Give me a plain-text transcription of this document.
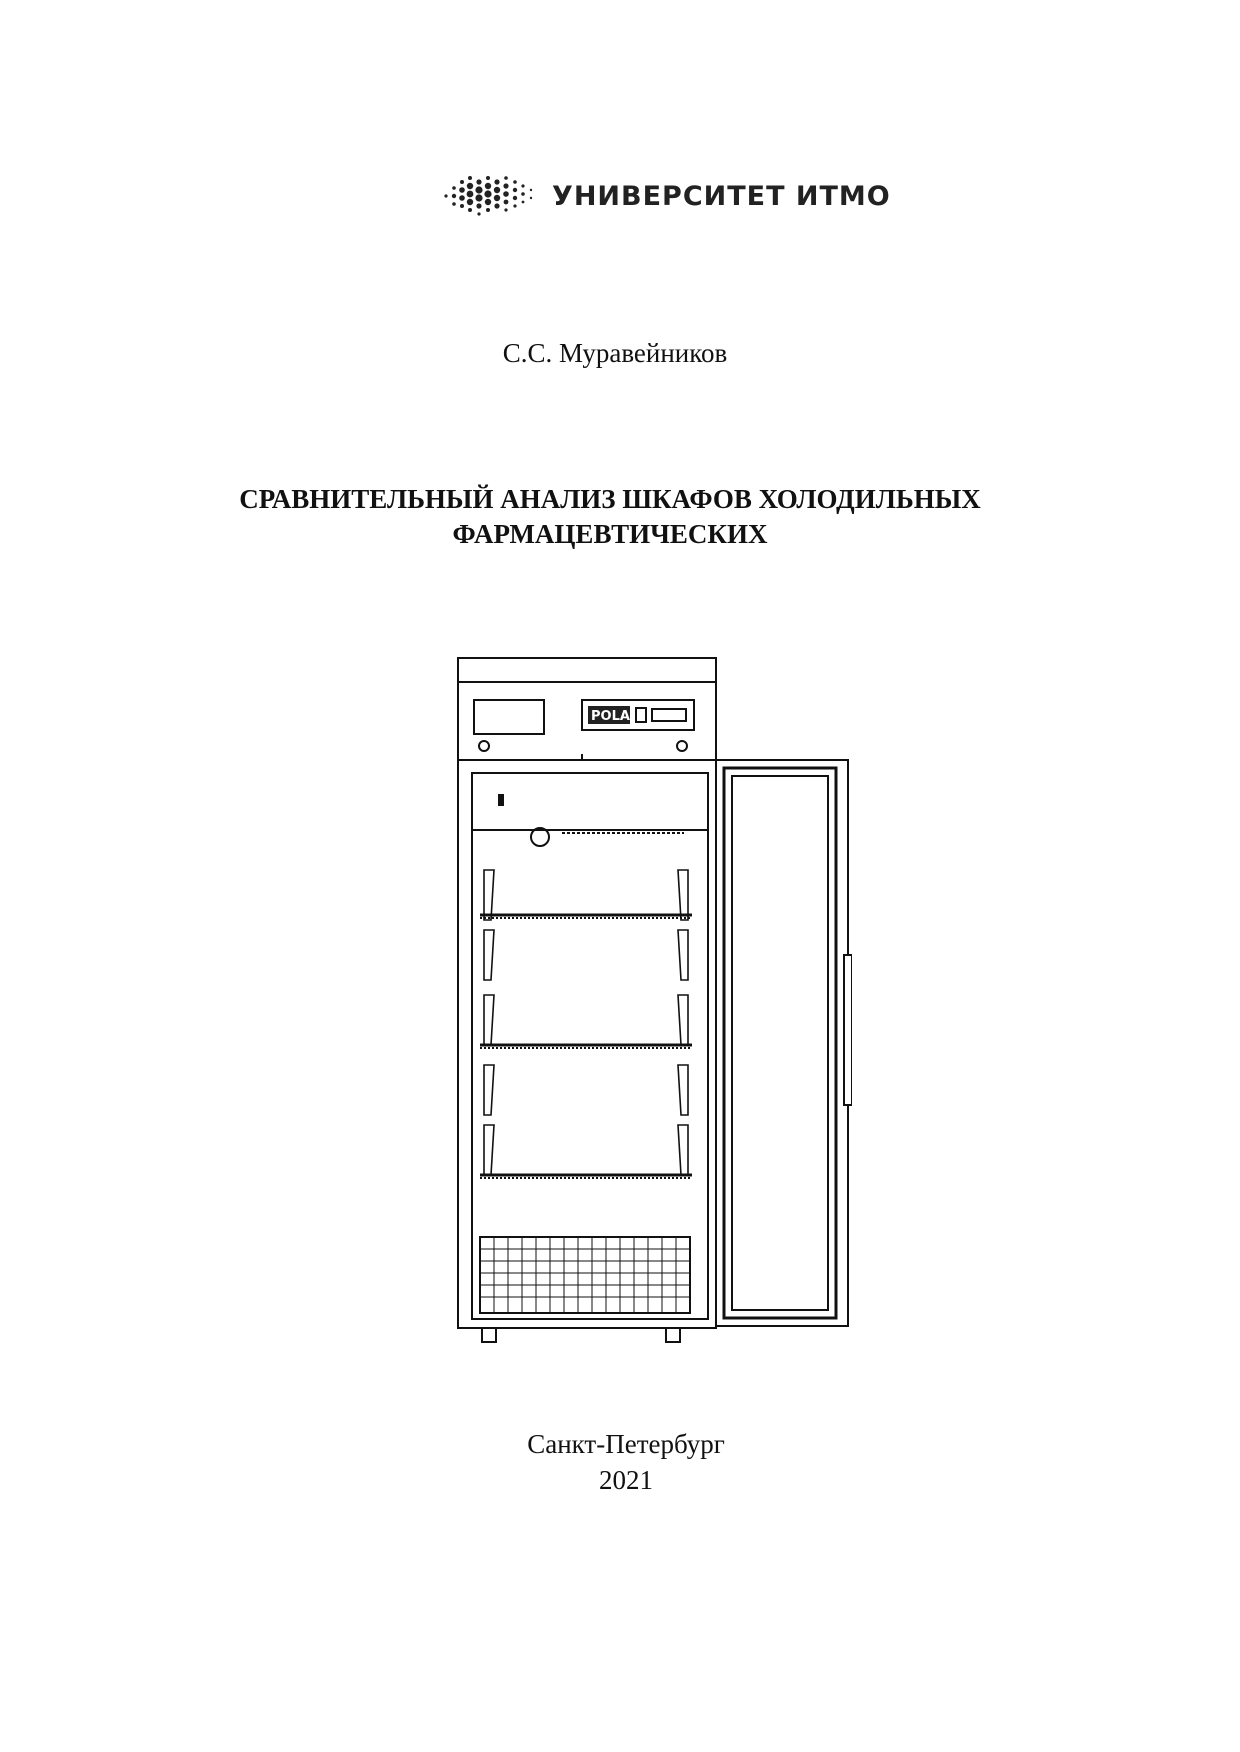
УНИВЕРСИТЕТ ИТМО
С.С. Муравейников
СРАВНИТЕЛЬНЫЙ АНАЛИЗ ШКАФОВ ХОЛОДИЛЬНЫХ
ФАРМАЦЕВТИЧЕСКИХ
POLAIR
Санкт-Петербург
2021
